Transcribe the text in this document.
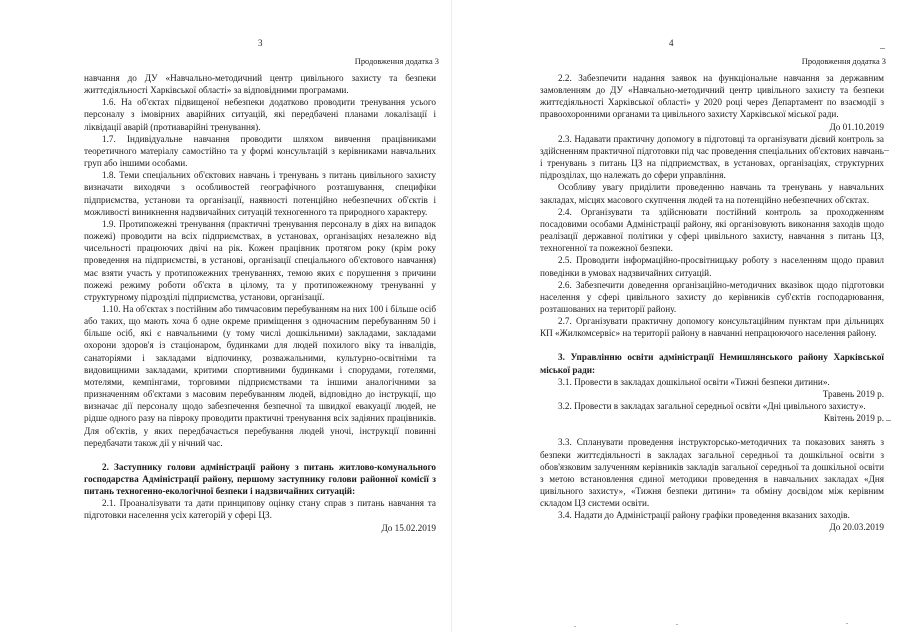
3
Продовження додатка 3

навчання до ДУ «Навчально-методичний центр цивільного захисту та безпеки життєдіяльності Харківської області» за відповідними програмами.

1.6. На об'єктах підвищеної небезпеки додатково проводити тренування усього персоналу з імовірних аварійних ситуацій, які передбачені планами локалізації і ліквідації аварій (протиаварійні тренування).

1.7. Індивідуальне навчання проводити шляхом вивчення працівниками теоретичного матеріалу самостійно та у формі консультацій з керівниками навчальних груп або іншими особами.

1.8. Теми спеціальних об'єктових навчань і тренувань з питань цивільного захисту визначати виходячи з особливостей географічного розташування, специфіки підприємства, установи та організації, наявності потенційно небезпечних об'єктів і можливості виникнення надзвичайних ситуацій техногенного та природного характеру.

1.9. Протипожежні тренування (практичні тренування персоналу в діях на випадок пожежі) проводити на всіх підприємствах, в установах, організаціях незалежно від чисельності працюючих двічі на рік. Кожен працівник протягом року (крім року проведення на підприємстві, в установі, організації спеціального об'єктового навчання) має взяти участь у протипожежних тренуваннях, темою яких є порушення з причини пожежі режиму роботи об'єкта в цілому, та у протипожежному тренуванні у структурному підрозділі підприємства, установи, організації.

1.10. На об'єктах з постійним або тимчасовим перебуванням на них 100 і більше осіб або таких, що мають хоча б одне окреме приміщення з одночасним перебуванням 50 і більше осіб, які є навчальними (у тому числі дошкільними) закладами, закладами охорони здоров'я із стаціонаром, будинками для людей похилого віку та інвалідів, санаторіями і закладами відпочинку, розважальними, культурно-освітніми та видовищними закладами, критими спортивними будинками і спорудами, готелями, мотелями, кемпінгами, торговими підприємствами та іншими аналогічними за призначенням об'єктами з масовим перебуванням людей, відповідно до інструкції, що визначає дії персоналу щодо забезпечення безпечної та швидкої евакуації людей, не рідше одного разу на півроку проводити практичні тренування всіх задіяних працівників. Для об'єктів, у яких передбачається перебування людей уночі, інструкції повинні передбачати також дії у нічний час.

2. Заступнику голови адміністрації району з питань житлово-комунального господарства Адміністрації району, першому заступнику голови районної комісії з питань техногенно-екологічної безпеки і надзвичайних ситуацій:

2.1. Проаналізувати та дати принципову оцінку стану справ з питань навчання та підготовки населення усіх категорій у сфері ЦЗ.

До 15.02.2019

4
Продовження додатка 3

2.2. Забезпечити надання заявок на функціональне навчання за державним замовленням до ДУ «Навчально-методичний центр цивільного захисту та безпеки життєдіяльності Харківської області» у 2020 році через Департамент по взаємодії з правоохоронними органами та цивільного захисту Харківської міської ради.

До 01.10.2019

2.3. Надавати практичну допомогу в підготовці та організувати дієвий контроль за здійсненням практичної підготовки під час проведення спеціальних об'єктових навчань і тренувань з питань ЦЗ на підприємствах, в установах, організаціях, структурних підрозділах, що належать до сфери управління.

Особливу увагу приділити проведенню навчань та тренувань у навчальних закладах, місцях масового скупчення людей та на потенційно небезпечних об'єктах.

2.4. Організувати та здійснювати постійний контроль за проходженням посадовими особами Адміністрації району, які організовують виконання заходів щодо реалізації державної політики у сфері цивільного захисту, навчання з питань ЦЗ, техногенної та пожежної безпеки.

2.5. Проводити інформаційно-просвітницьку роботу з населенням щодо правил поведінки в умовах надзвичайних ситуацій.

2.6. Забезпечити доведення організаційно-методичних вказівок щодо підготовки населення у сфері цивільного захисту до керівників суб'єктів господарювання, розташованих на території району.

2.7. Організувати практичну допомогу консультаційним пунктам при дільницях КП «Жилкомсервіс» на території району в навчанні непрацюючого населення району.

3. Управлінню освіти адміністрації Немишлянського району Харківської міської ради:

3.1. Провести в закладах дошкільної освіти «Тижні безпеки дитини».

Травень 2019 р.

3.2. Провести в закладах загальної середньої освіти «Дні цивільного захисту».

Квітень 2019 р.

3.3. Спланувати проведення інструкторсько-методичних та показових занять з безпеки життєдіяльності в закладах загальної середньої та дошкільної освіти з обов'язковим залученням керівників закладів загальної середньої та дошкільної освіти з метою встановлення єдиної методики проведення в навчальних закладах «Дня цивільного захисту», «Тижня безпеки дитини» та обміну досвідом між керівним складом ЦЗ системи освіти.

3.4. Надати до Адміністрації району графіки проведення вказаних заходів.

До 20.03.2019
